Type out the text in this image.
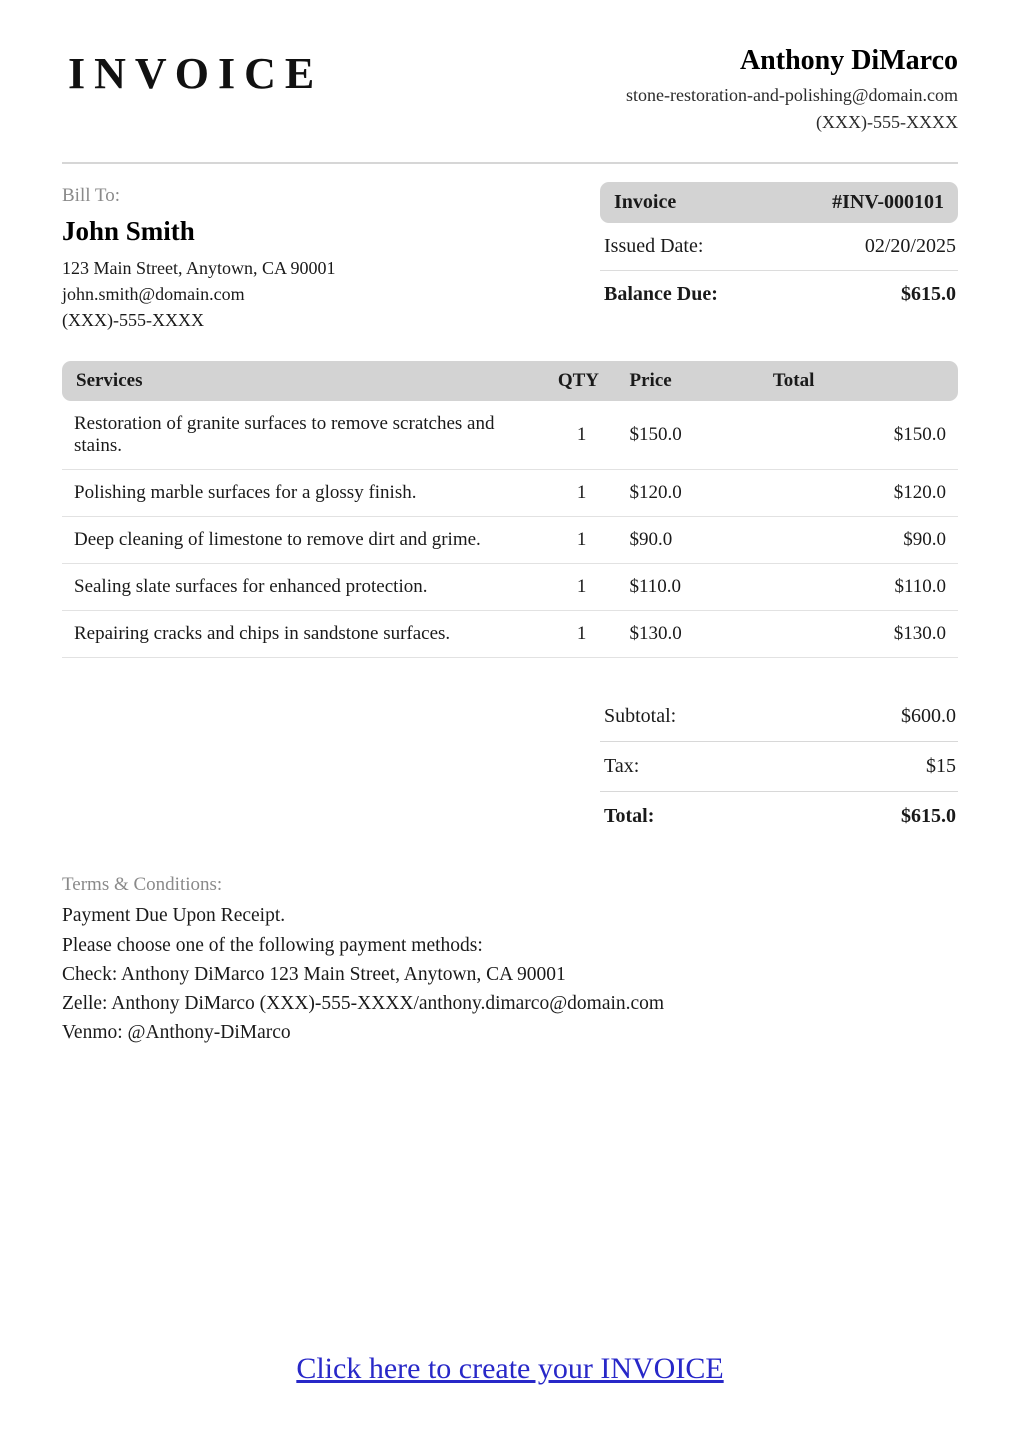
INVOICE	Anthony DiMarco
stone-restoration-and-polishing@domain.com
(XXX)-555-XXXX
Bill To:
John Smith
123 Main Street, Anytown, CA 90001
john.smith@domain.com
(XXX)-555-XXXX
Invoice	#INV-000101
Issued Date:	02/20/2025
Balance Due:	$615.0
Services	QTY	Price	Total
Restoration of granite surfaces to remove scratches and stains.	1	$150.0	$150.0
Polishing marble surfaces for a glossy finish.	1	$120.0	$120.0
Deep cleaning of limestone to remove dirt and grime.	1	$90.0	$90.0
Sealing slate surfaces for enhanced protection.	1	$110.0	$110.0
Repairing cracks and chips in sandstone surfaces.	1	$130.0	$130.0
Subtotal:	$600.0
Tax:	$15
Total:	$615.0
Terms & Conditions:
Payment Due Upon Receipt.
Please choose one of the following payment methods:
Check: Anthony DiMarco 123 Main Street, Anytown, CA 90001
Zelle: Anthony DiMarco (XXX)-555-XXXX/anthony.dimarco@domain.com
Venmo: @Anthony-DiMarco
Click here to create your INVOICE
